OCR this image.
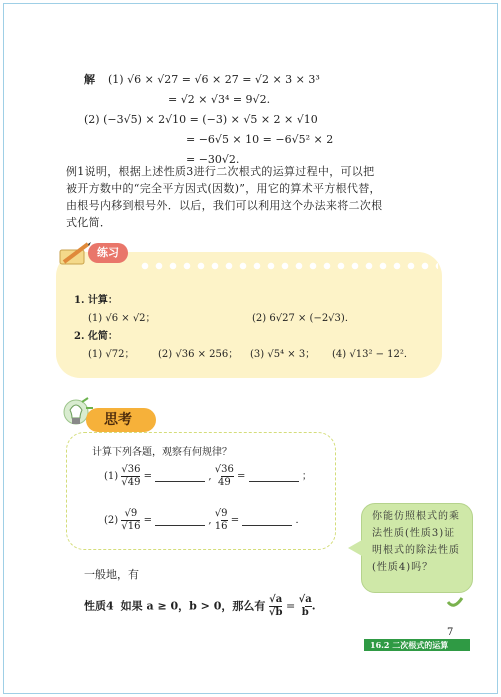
解 (1) √6 × √27 = √6 × 27 = √2 × 3 × 3³
= √2 × √3⁴ = 9√2.
(2) (−3√5) × 2√10 = (−3) × √5 × 2 × √10
= −6√5 × 10 = −6√5² × 2
= −30√2.
例1说明，根据上述性质3进行二次根式的运算过程中，可以把被开方数中的“完全平方因式(因数)”，用它的算术平方根代替，由根号内移到根号外．以后，我们可以利用这个办法来将二次根式化简．
练习
1. 计算：
(1) √6 × √2；	(2) 6√27 × (−2√3)．
2. 化简：
(1) √72； (2) √36 × 256； (3) √5⁴ × 3； (4) √13² − 12²．
思考
计算下列各题，观察有何规律？
$(1) \frac{√36}{√49}$ =	, √36
49 =	；
$(2) \frac{√9}{√16}$ =	, √9
16 =	．	你能仿照根式的乘法性质(性质3)证明根式的除法性质(性质4)吗？
一般地，有
性质4 如果 a ≥ 0，b > 0，那么有 $\frac{√a}{√b} = √a$
b .
7
16.2 二次根式的运算
